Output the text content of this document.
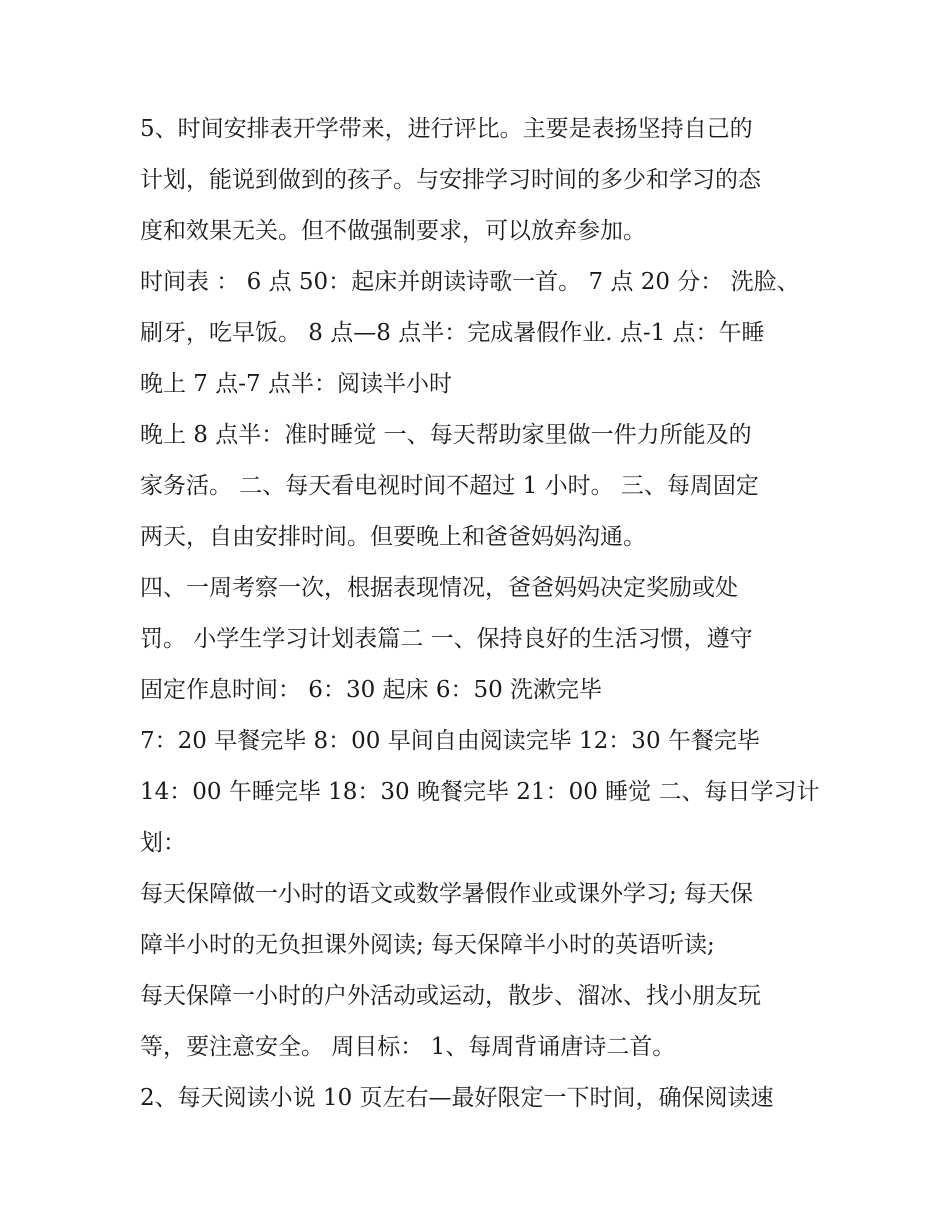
5、时间安排表开学带来，进行评比。主要是表扬坚持自己的
计划，能说到做到的孩子。与安排学习时间的多少和学习的态
度和效果无关。但不做强制要求，可以放弃参加。
时间表 ： 6 点 50：起床并朗读诗歌一首。 7 点 20 分： 洗脸、
刷牙，吃早饭。 8 点—8 点半：完成暑假作业. 点-1 点：午睡
晚上 7 点-7 点半：阅读半小时
晚上 8 点半：准时睡觉 一、每天帮助家里做一件力所能及的
家务活。 二、每天看电视时间不超过 1 小时。 三、每周固定
两天，自由安排时间。但要晚上和爸爸妈妈沟通。
四、一周考察一次，根据表现情况，爸爸妈妈决定奖励或处
罚。 小学生学习计划表篇二 一、保持良好的生活习惯，遵守
固定作息时间： 6：30 起床 6：50 洗漱完毕
7：20 早餐完毕 8：00 早间自由阅读完毕 12：30 午餐完毕
14：00 午睡完毕 18：30 晚餐完毕 21：00 睡觉 二、每日学习计
划：
每天保障做一小时的语文或数学暑假作业或课外学习; 每天保
障半小时的无负担课外阅读; 每天保障半小时的英语听读;
每天保障一小时的户外活动或运动，散步、溜冰、找小朋友玩
等，要注意安全。 周目标： 1、每周背诵唐诗二首。
2、每天阅读小说 10 页左右—最好限定一下时间，确保阅读速
